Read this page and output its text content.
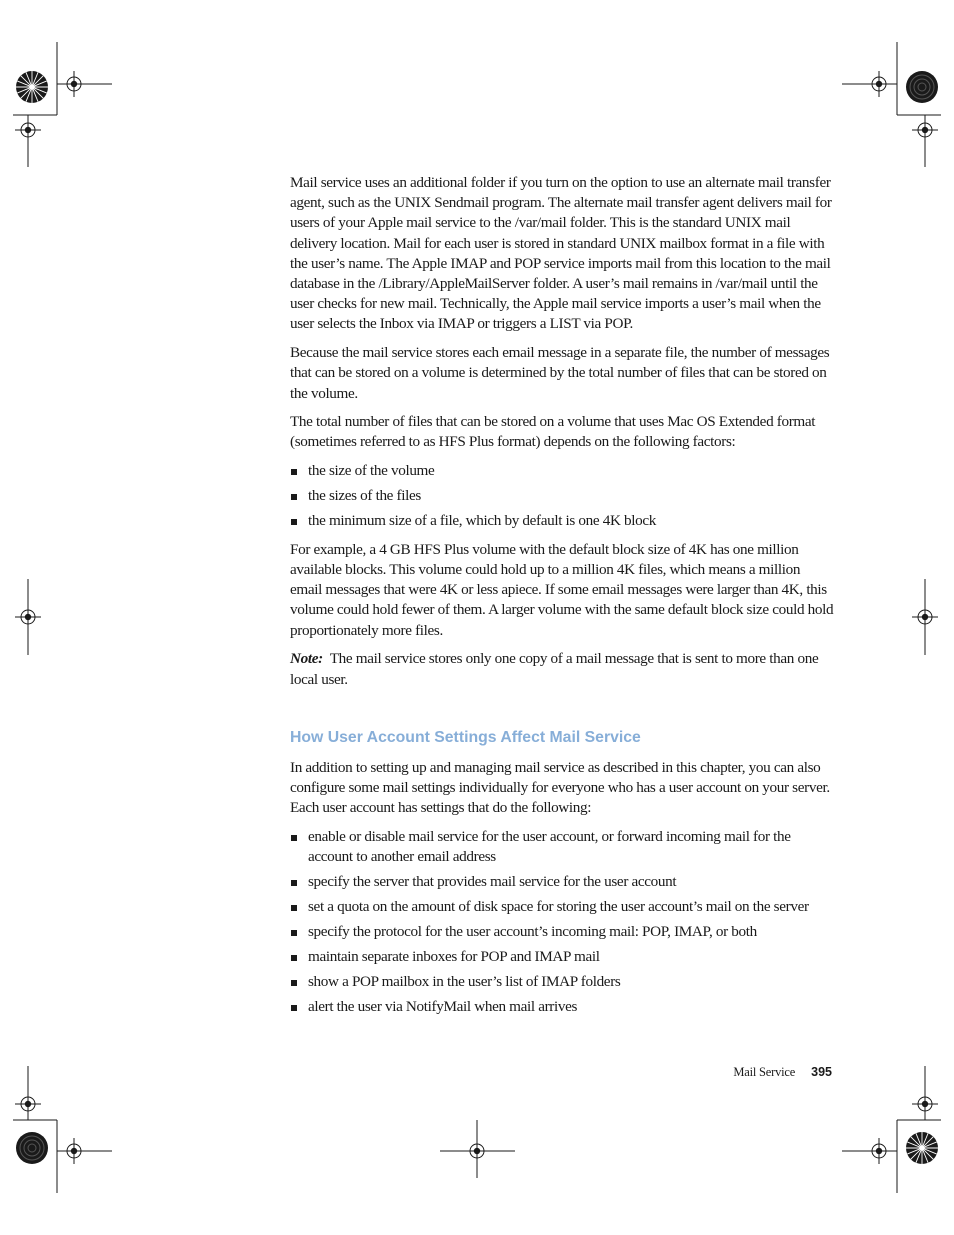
Mail service uses an additional folder if you turn on the option to use an alternate mail transfer agent, such as the UNIX Sendmail program. The alternate mail transfer agent delivers mail for users of your Apple mail service to the /var/mail folder. This is the standard UNIX mail delivery location. Mail for each user is stored in standard UNIX mailbox format in a file with the user’s name. The Apple IMAP and POP service imports mail from this location to the mail database in the /Library/AppleMailServer folder. A user’s mail remains in /var/mail until the user checks for new mail. Technically, the Apple mail service imports a user’s mail when the user selects the Inbox via IMAP or triggers a LIST via POP.

Because the mail service stores each email message in a separate file, the number of messages that can be stored on a volume is determined by the total number of files that can be stored on the volume.

The total number of files that can be stored on a volume that uses Mac OS Extended format (sometimes referred to as HFS Plus format) depends on the following factors:

the size of the volume
the sizes of the files
the minimum size of a file, which by default is one 4K block

For example, a 4 GB HFS Plus volume with the default block size of 4K has one million available blocks. This volume could hold up to a million 4K files, which means a million email messages that were 4K or less apiece. If some email messages were larger than 4K, this volume could hold fewer of them. A larger volume with the same default block size could hold proportionately more files.

Note: The mail service stores only one copy of a mail message that is sent to more than one local user.

How User Account Settings Affect Mail Service

In addition to setting up and managing mail service as described in this chapter, you can also configure some mail settings individually for everyone who has a user account on your server. Each user account has settings that do the following:

enable or disable mail service for the user account, or forward incoming mail for the account to another email address
specify the server that provides mail service for the user account
set a quota on the amount of disk space for storing the user account’s mail on the server
specify the protocol for the user account’s incoming mail: POP, IMAP, or both
maintain separate inboxes for POP and IMAP mail
show a POP mailbox in the user’s list of IMAP folders
alert the user via NotifyMail when mail arrives
Mail Service 395
